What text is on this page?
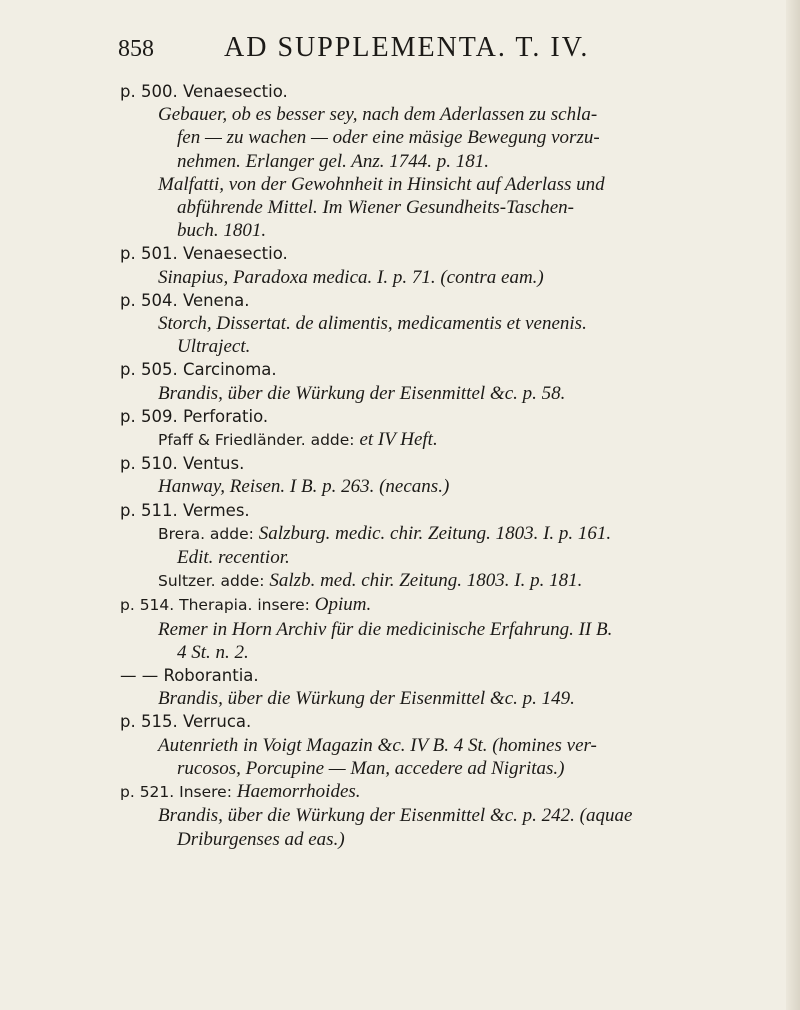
858	AD SUPPLEMENTA. T. IV.

p. 500. Venaesectio.

Gebauer, ob es besser sey, nach dem Aderlassen zu schla-

fen — zu wachen — oder eine mäsige Bewegung vorzu-

nehmen. Erlanger gel. Anz. 1744. p. 181.

Malfatti, von der Gewohnheit in Hinsicht auf Aderlass und

abführende Mittel. Im Wiener Gesundheits-Taschen-

buch. 1801.

p. 501. Venaesectio.

Sinapius, Paradoxa medica. I. p. 71. (contra eam.)

p. 504. Venena.

Storch, Dissertat. de alimentis, medicamentis et venenis.

Ultraject.

p. 505. Carcinoma.

Brandis, über die Würkung der Eisenmittel &c. p. 58.

p. 509. Perforatio.

Pfaff & Friedländer. adde: et IV Heft.

p. 510. Ventus.

Hanway, Reisen. I B. p. 263. (necans.)

p. 511. Vermes.

Brera. adde: Salzburg. medic. chir. Zeitung. 1803. I. p. 161.

Edit. recentior.

Sultzer. adde: Salzb. med. chir. Zeitung. 1803. I. p. 181.

p. 514. Therapia. insere: Opium.

Remer in Horn Archiv für die medicinische Erfahrung. II B.

4 St. n. 2.

— — Roborantia.

Brandis, über die Würkung der Eisenmittel &c. p. 149.

p. 515. Verruca.

Autenrieth in Voigt Magazin &c. IV B. 4 St. (homines ver-

rucosos, Porcupine — Man, accedere ad Nigritas.)

p. 521. Insere: Haemorrhoides.

Brandis, über die Würkung der Eisenmittel &c. p. 242. (aquae

Driburgenses ad eas.)
